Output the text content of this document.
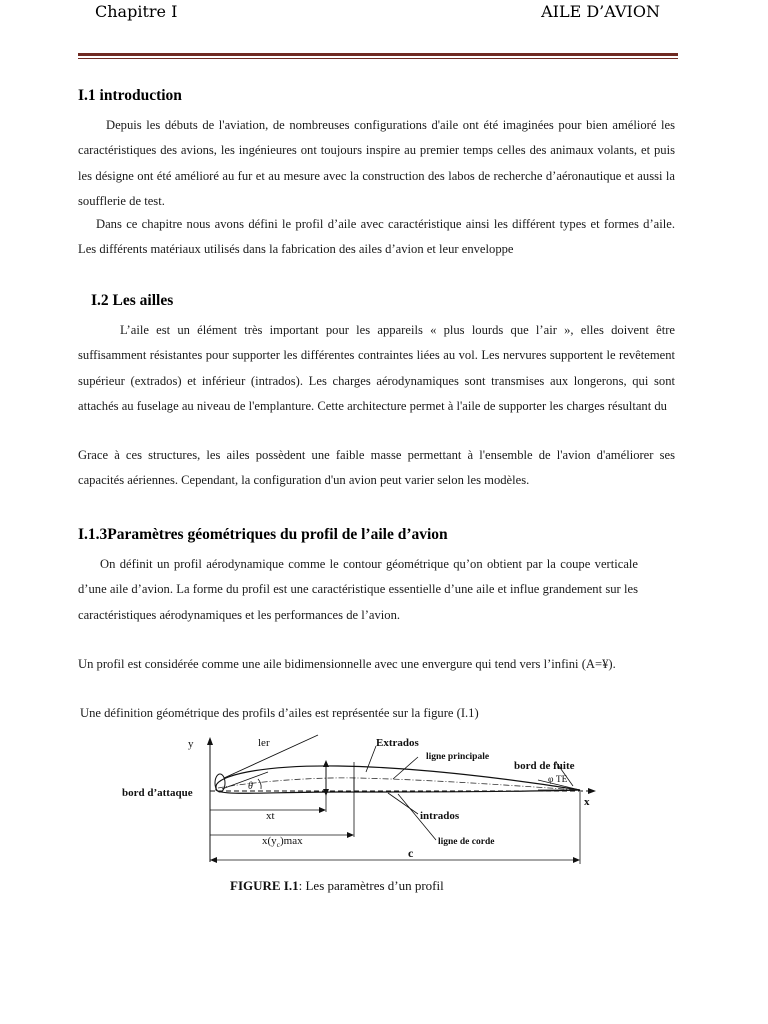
Chapitre I	AILE D’AVION
I.1 introduction

Depuis les débuts de l'aviation, de nombreuses configurations d'aile ont été imaginées pour bien amélioré les caractéristiques des avions, les ingénieures ont toujours inspire au premier temps celles des animaux volants, et puis les désigne ont été amélioré au fur et au mesure avec la construction des labos de recherche d’aéronautique et aussi la soufflerie de test.

Dans ce chapitre nous avons défini le profil d’aile avec caractéristique ainsi les différent types et formes d’aile. Les différents matériaux utilisés dans la fabrication des ailes d’avion et leur enveloppe

I.2 Les ailles

L’aile est un élément très important pour les appareils « plus lourds que l’air », elles doivent être suffisamment résistantes pour supporter les différentes contraintes liées au vol. Les nervures supportent le revêtement supérieur (extrados) et inférieur (intrados). Les charges aérodynamiques sont transmises aux longerons, qui sont attachés au fuselage au niveau de l'emplanture. Cette architecture permet à l'aile de supporter les charges résultant du

Grace à ces structures, les ailes possèdent une faible masse permettant à l'ensemble de l'avion d'améliorer ses capacités aériennes. Cependant, la configuration d'un avion peut varier selon les modèles.

I.1.3Paramètres géométriques du profil de l’aile d’avion

On définit un profil aérodynamique comme le contour géométrique qu’on obtient par la coupe verticale d’une aile d’avion. La forme du profil est une caractéristique essentielle d’une aile et influe grandement sur les caractéristiques aérodynamiques et les performances de l’avion.

Un profil est considérée comme une aile bidimensionnelle avec une envergure qui tend vers l’infini (A=¥).

Une définition géométrique des profils d’ailes est représentée sur la figure (I.1)
y
x
ler	Extrados
ligne principale
bord de fuite
φ TE
bord d’attaque
θ
xt
$x(y_c)\max$
intrados
ligne de corde
c
FIGURE I.1: Les paramètres d’un profil
